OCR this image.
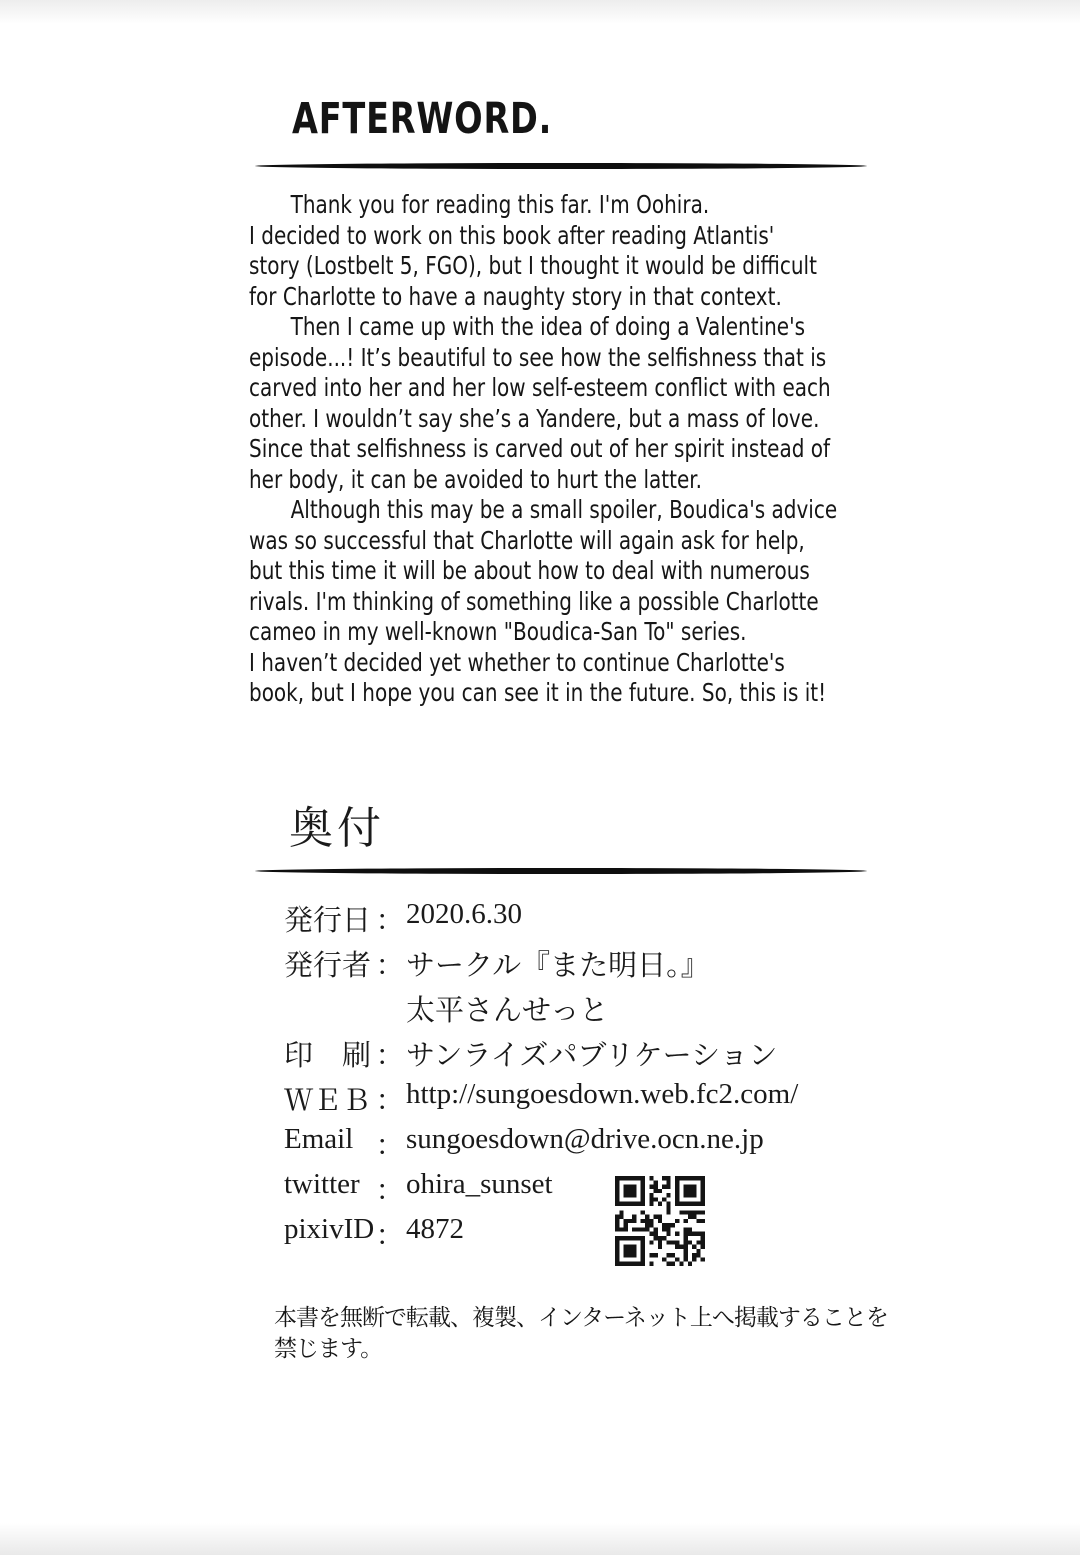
AFTERWORD.
Thank you for reading this far. I'm Oohira.
I decided to work on this book after reading Atlantis'
story (Lostbelt 5, FGO), but I thought it would be difficult
for Charlotte to have a naughty story in that context.
Then I came up with the idea of doing a Valentine's
episode...! It’s beautiful to see how the selfishness that is
carved into her and her low self-esteem conflict with each
other. I wouldn’t say she’s a Yandere, but a mass of love.
Since that selfishness is carved out of her spirit instead of
her body, it can be avoided to hurt the latter.
Although this may be a small spoiler, Boudica's advice
was so successful that Charlotte will again ask for help,
but this time it will be about how to deal with numerous
rivals. I'm thinking of something like a possible Charlotte
cameo in my well-known "Boudica-San To" series.
I haven’t decided yet whether to continue Charlotte's
book, but I hope you can see it in the future. So, this is it!
奥付
発行日 ： 2020.6.30
発行者 ： サークル『また明日。』
太平さんせっと
印　刷 ： サンライズパブリケーション
ＷＥＢ ： http://sungoesdown.web.fc2.com/
Email ： sungoesdown@drive.ocn.ne.jp
twitter ： ohira_sunset
pixivID ： 4872
本書を無断で転載、複製、インターネット上へ掲載することを
禁じます。
